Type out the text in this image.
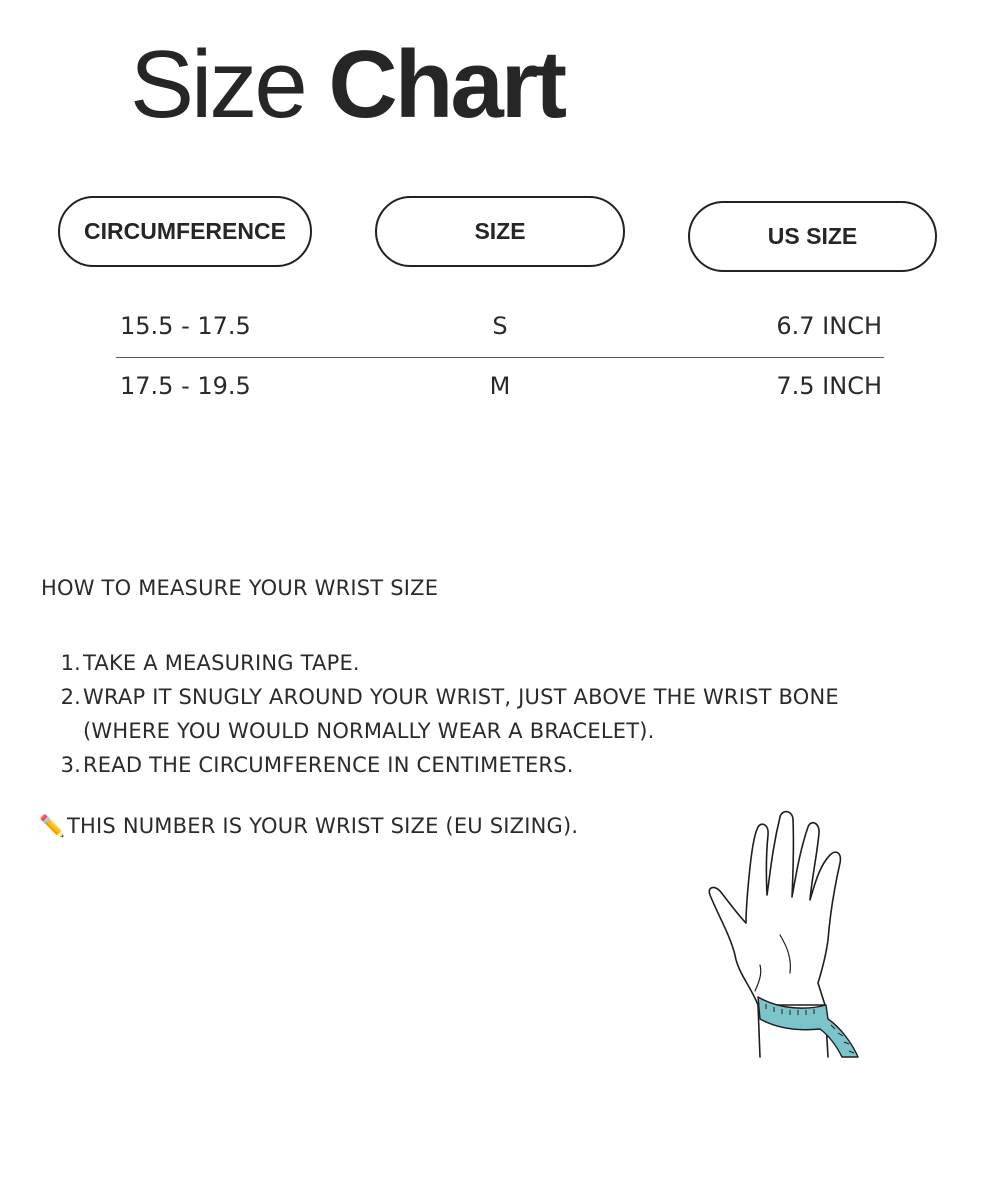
Size Chart
CIRCUMFERENCE	SIZE	US SIZE
15.5 - 17.5	S	6.7 INCH
17.5 - 19.5	M	7.5 INCH
HOW TO MEASURE YOUR WRIST SIZE
1. TAKE A MEASURING TAPE.
2. WRAP IT SNUGLY AROUND YOUR WRIST, JUST ABOVE THE WRIST BONE
(WHERE YOU WOULD NORMALLY WEAR A BRACELET).
3. READ THE CIRCUMFERENCE IN CENTIMETERS.
✏️THIS NUMBER IS YOUR WRIST SIZE (EU SIZING).
